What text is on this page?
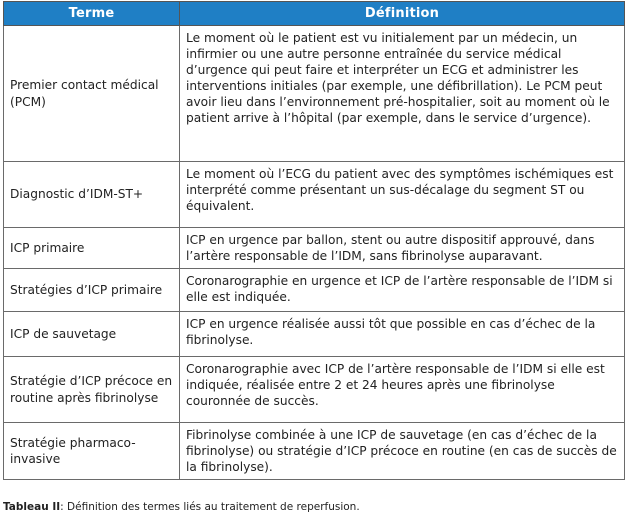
Terme	Définition
Premier contact médical (PCM)	Le moment où le patient est vu initialement par un médecin, un infirmier ou une autre personne entraînée du service médical d’urgence qui peut faire et interpréter un ECG et administrer les interventions initiales (par exemple, une défibrillation). Le PCM peut avoir lieu dans l’environnement pré-hospitalier, soit au moment où le patient arrive à l’hôpital (par exemple, dans le service d’urgence).
Diagnostic d’IDM-ST+	Le moment où l’ECG du patient avec des symptômes ischémiques est interprété comme présentant un sus-décalage du segment ST ou équivalent.
ICP primaire	ICP en urgence par ballon, stent ou autre dispositif approuvé, dans l’artère responsable de l’IDM, sans fibrinolyse auparavant.
Stratégies d’ICP primaire	Coronarographie en urgence et ICP de l’artère responsable de l’IDM si elle est indiquée.
ICP de sauvetage	ICP en urgence réalisée aussi tôt que possible en cas d’échec de la fibrinolyse.
Stratégie d’ICP précoce en routine après fibrinolyse	Coronarographie avec ICP de l’artère responsable de l’IDM si elle est indiquée, réalisée entre 2 et 24 heures après une fibrinolyse couronnée de succès.
Stratégie pharmaco-invasive	Fibrinolyse combinée à une ICP de sauvetage (en cas d’échec de la fibrinolyse) ou stratégie d’ICP précoce en routine (en cas de succès de la fibrinolyse).
Tableau II: Définition des termes liés au traitement de reperfusion.
